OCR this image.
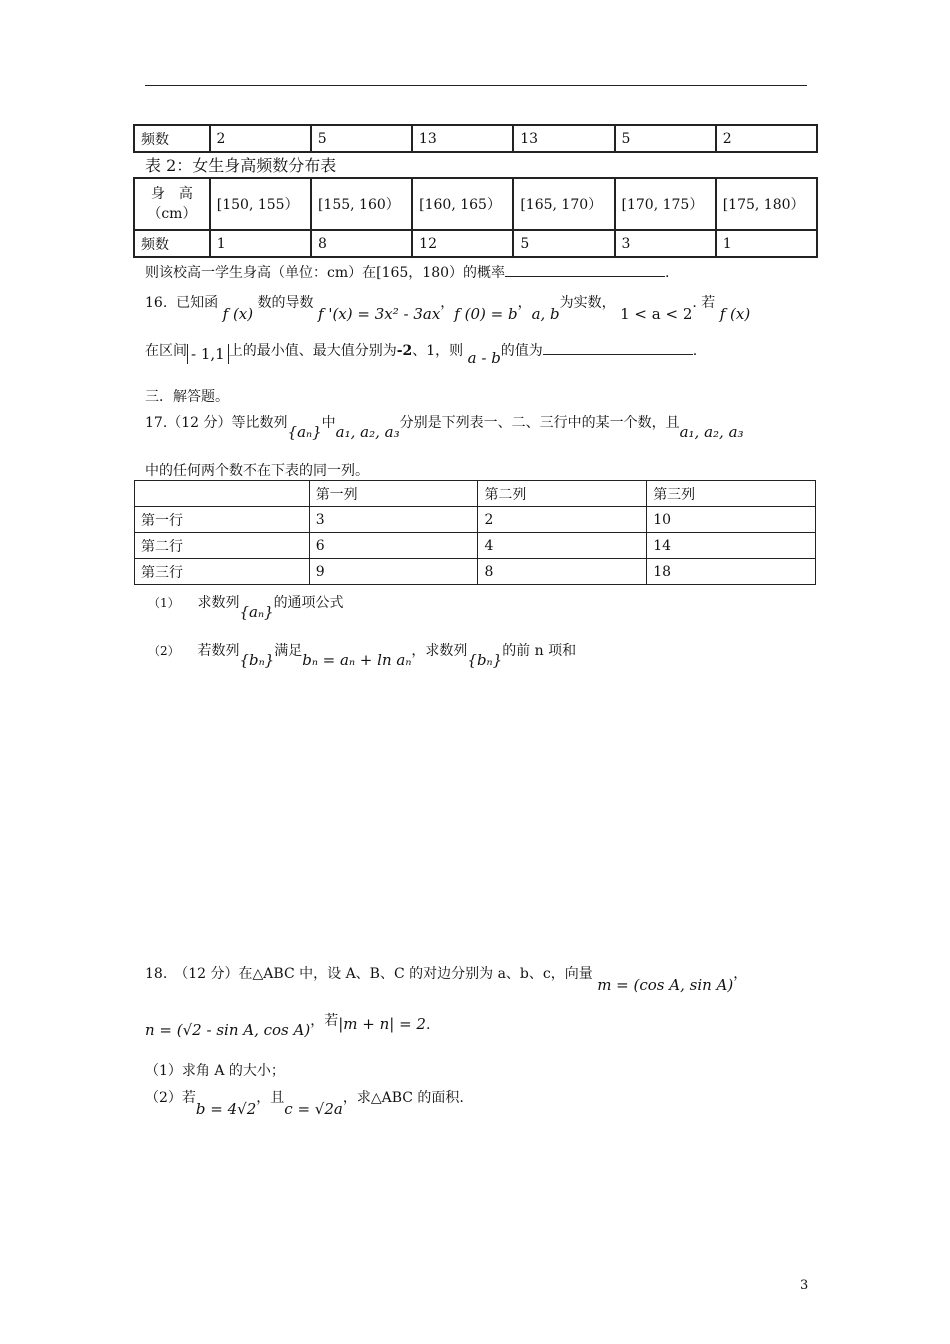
频数	2	5	13	13	5	2
表 2：女生身高频数分布表
身　高
（cm）	[150, 155）	[155, 160）	[160, 165）	[165, 170）	[170, 175）	[175, 180）
频数	1	8	12	5	3	1
则该校高一学生身高（单位：cm）在[165，180）的概率	.
16. 已知函 f (x) 数的导数 f '(x) = 3x² - 3ax，f (0) = b，a, b为实数， 1 < a < 2. 若 f (x)
在区间 - 1,1 上的最小值、最大值分别为-2、1，则 a - b的值为	.
三．解答题。
17.（12 分）等比数列{aₙ}中a₁, a₂, a₃分别是下列表一、二、三行中的某一个数，且a₁, a₂, a₃
中的任何两个数不在下表的同一列。
	第一列	第二列	第三列
第一行	3	2	10
第二行	6	4	14
第三行	9	8	18
（1） 求数列{aₙ}的通项公式
（2） 若数列{bₙ}满足bₙ = aₙ + ln aₙ，求数列{bₙ}的前 n 项和
18.　（12 分）在△ABC 中，设 A、B、C 的对边分别为 a、b、c，向量 m = (cos A, sin A)，
n = (√2 - sin A, cos A)，若|m + n| = 2.
（1）求角 A 的大小；
（2）若b = 4√2，且c = √2a，求△ABC 的面积.
3
